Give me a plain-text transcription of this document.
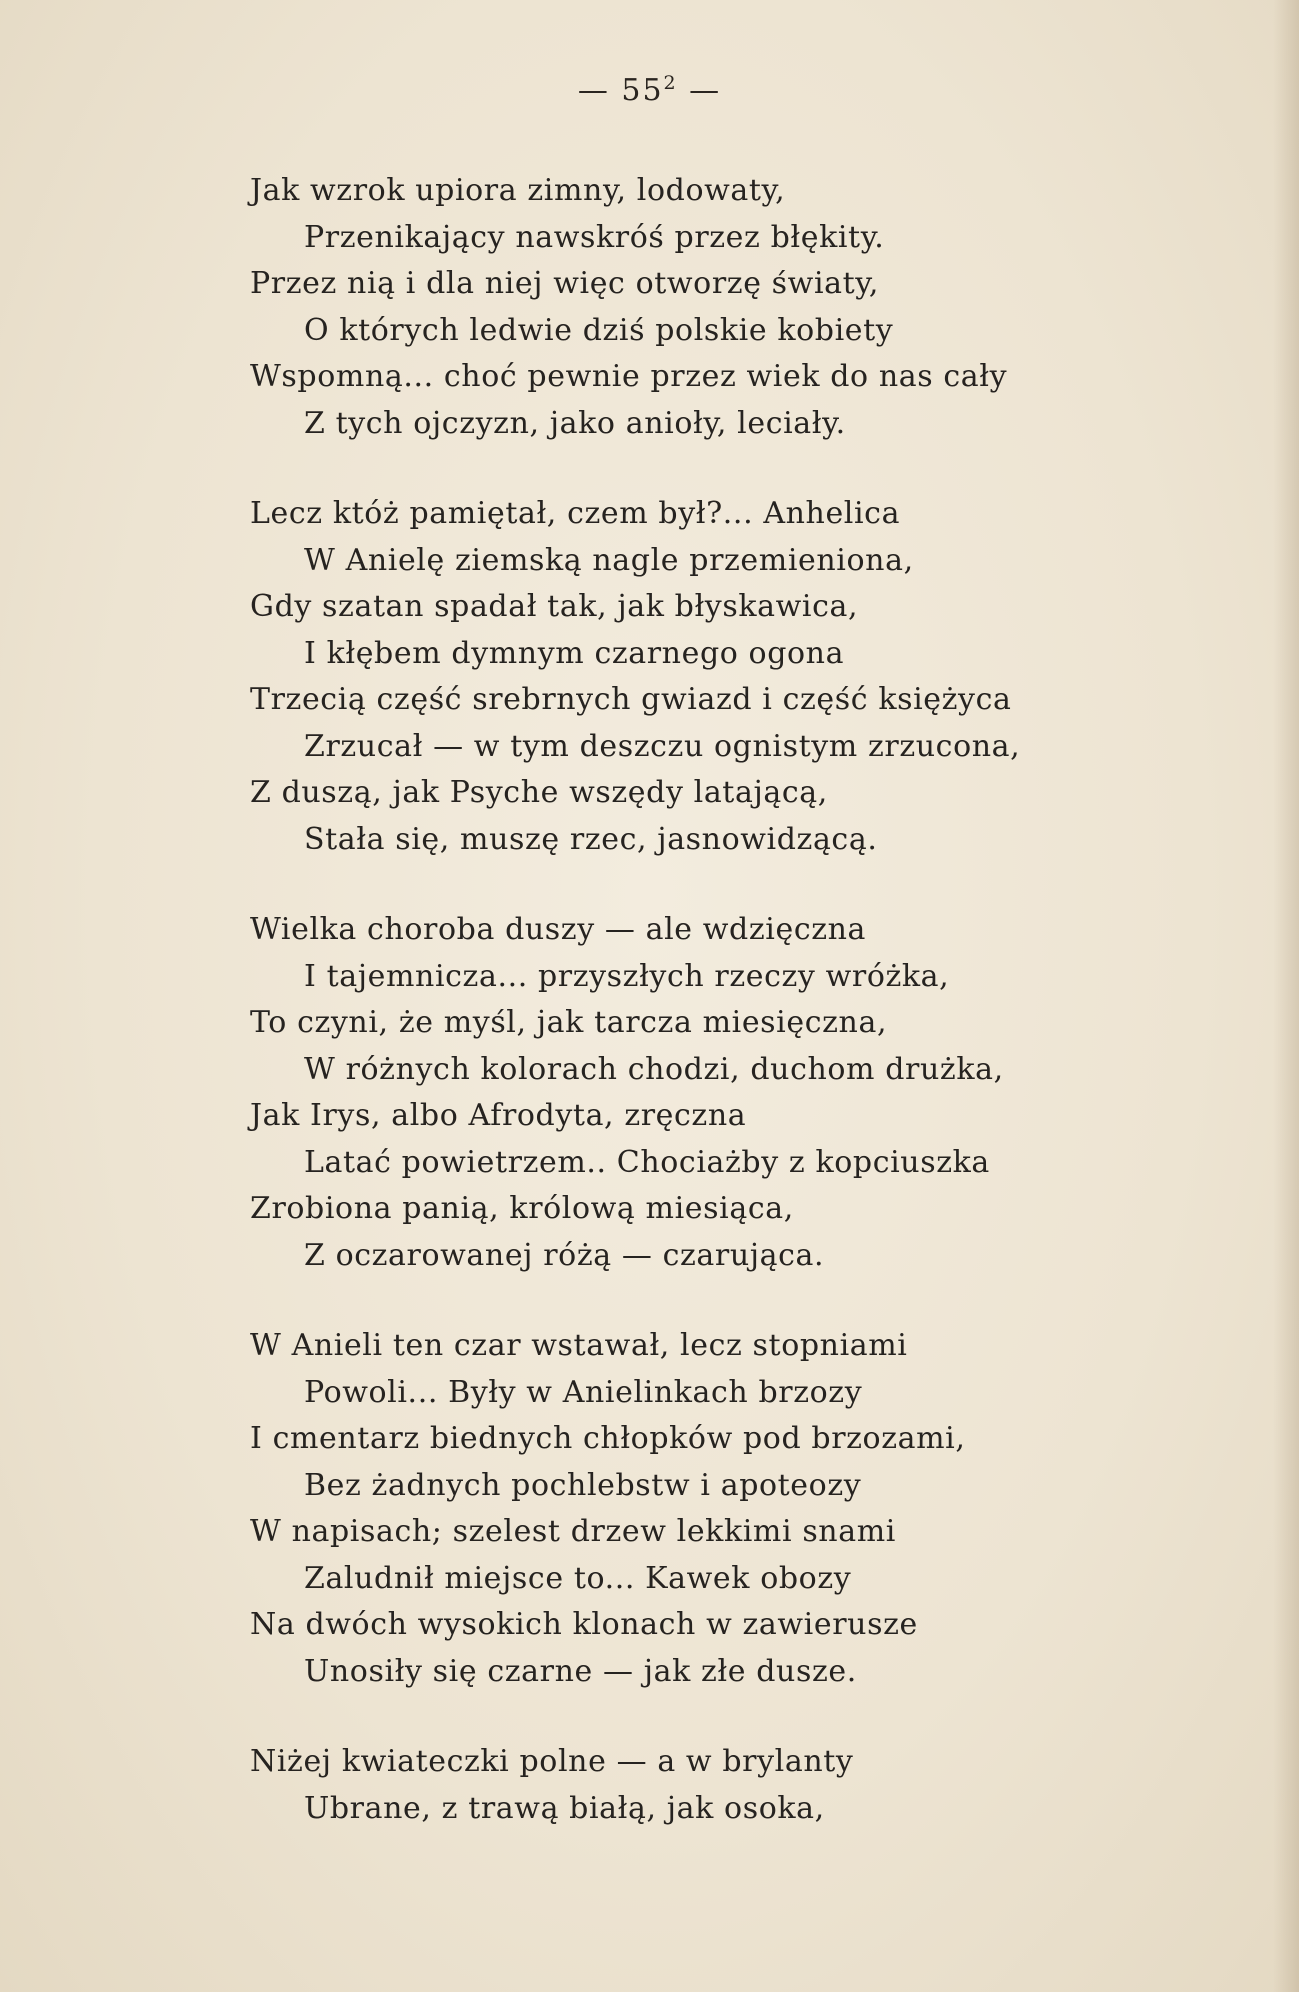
— $55^2$ —
Jak wzrok upiora zimny, lodowaty,
Przenikający nawskróś przez błękity.
Przez nią i dla niej więc otworzę światy,
O których ledwie dziś polskie kobiety
Wspomną... choć pewnie przez wiek do nas cały
Z tych ojczyzn, jako anioły, leciały.
Lecz któż pamiętał, czem był?... Anhelica
W Anielę ziemską nagle przemieniona,
Gdy szatan spadał tak, jak błyskawica,
I kłębem dymnym czarnego ogona
Trzecią część srebrnych gwiazd i część księżyca
Zrzucał — w tym deszczu ognistym zrzucona,
Z duszą, jak Psyche wszędy latającą,
Stała się, muszę rzec, jasnowidzącą.
Wielka choroba duszy — ale wdzięczna
I tajemnicza... przyszłych rzeczy wróżka,
To czyni, że myśl, jak tarcza miesięczna,
W różnych kolorach chodzi, duchom drużka,
Jak Irys, albo Afrodyta, zręczna
Latać powietrzem.. Chociażby z kopciuszka
Zrobiona panią, królową miesiąca,
Z oczarowanej różą — czarująca.
W Anieli ten czar wstawał, lecz stopniami
Powoli... Były w Anielinkach brzozy
I cmentarz biednych chłopków pod brzozami,
Bez żadnych pochlebstw i apoteozy
W napisach; szelest drzew lekkimi snami
Zaludnił miejsce to... Kawek obozy
Na dwóch wysokich klonach w zawierusze
Unosiły się czarne — jak złe dusze.
Niżej kwiateczki polne — a w brylanty
Ubrane, z trawą białą, jak osoka,
